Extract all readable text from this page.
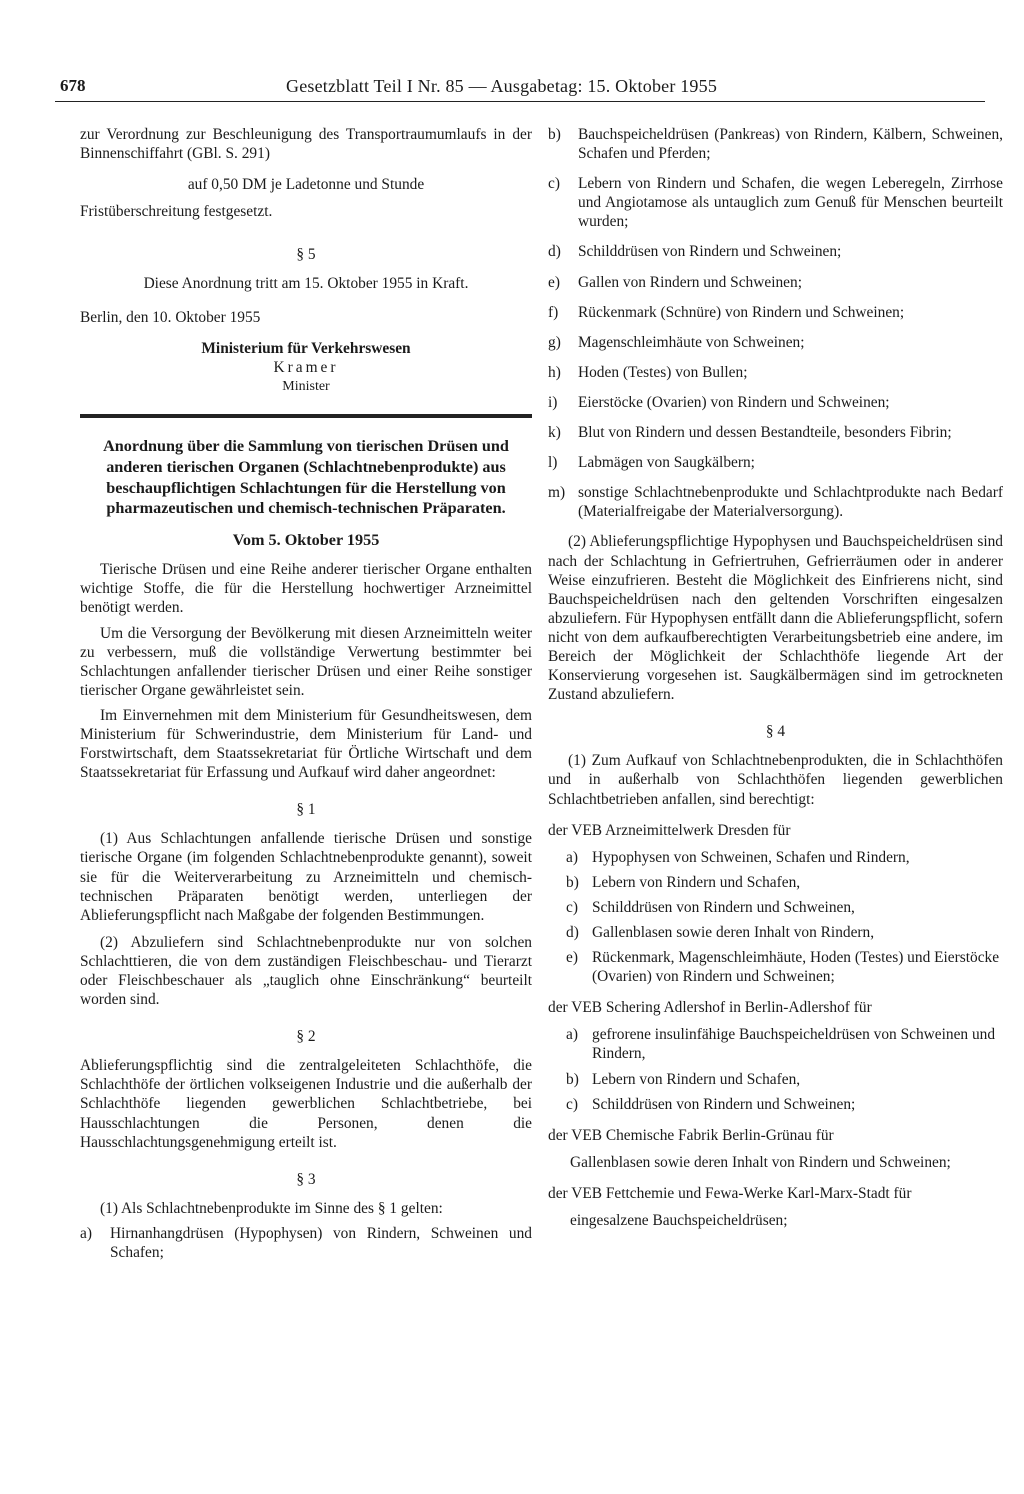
678	Gesetzblatt Teil I Nr. 85 — Ausgabetag: 15. Oktober 1955

zur Verordnung zur Beschleunigung des Transportraumumlaufs in der Binnenschiffahrt (GBl. S. 291)

auf 0,50 DM je Ladetonne und Stunde

Fristüberschreitung festgesetzt.

§ 5

Diese Anordnung tritt am 15. Oktober 1955 in Kraft.

Berlin, den 10. Oktober 1955

Ministerium für Verkehrswesen

Kramer

Minister

Anordnung über die Sammlung von tierischen Drüsen und anderen tierischen Organen (Schlachtnebenprodukte) aus beschaupflichtigen Schlachtungen für die Herstellung von pharmazeutischen und chemisch-technischen Präparaten.

Vom 5. Oktober 1955

Tierische Drüsen und eine Reihe anderer tierischer Organe enthalten wichtige Stoffe, die für die Herstellung hochwertiger Arzneimittel benötigt werden.

Um die Versorgung der Bevölkerung mit diesen Arzneimitteln weiter zu verbessern, muß die vollständige Verwertung bestimmter bei Schlachtungen anfallender tierischer Drüsen und einer Reihe sonstiger tierischer Organe gewährleistet sein.

Im Einvernehmen mit dem Ministerium für Gesundheitswesen, dem Ministerium für Schwerindustrie, dem Ministerium für Land- und Forstwirtschaft, dem Staatssekretariat für Örtliche Wirtschaft und dem Staatssekretariat für Erfassung und Aufkauf wird daher angeordnet:

§ 1

(1) Aus Schlachtungen anfallende tierische Drüsen und sonstige tierische Organe (im folgenden Schlachtnebenprodukte genannt), soweit sie für die Weiterverarbeitung zu Arzneimitteln und chemisch-technischen Präparaten benötigt werden, unterliegen der Ablieferungspflicht nach Maßgabe der folgenden Bestimmungen.

(2) Abzuliefern sind Schlachtnebenprodukte nur von solchen Schlachttieren, die von dem zuständigen Fleischbeschau- und Tierarzt oder Fleischbeschauer als „tauglich ohne Einschränkung“ beurteilt worden sind.

§ 2

Ablieferungspflichtig sind die zentralgeleiteten Schlachthöfe, die Schlachthöfe der örtlichen volkseigenen Industrie und die außerhalb der Schlachthöfe liegenden gewerblichen Schlachtbetriebe, bei Hausschlachtungen die Personen, denen die Hausschlachtungsgenehmigung erteilt ist.

§ 3

(1) Als Schlachtnebenprodukte im Sinne des § 1 gelten:

a)	Hirnanhangdrüsen (Hypophysen) von Rindern, Schweinen und Schafen;
b)	Bauchspeicheldrüsen (Pankreas) von Rindern, Kälbern, Schweinen, Schafen und Pferden;
c)	Lebern von Rindern und Schafen, die wegen Leberegeln, Zirrhose und Angiotamose als untauglich zum Genuß für Menschen beurteilt wurden;
d)	Schilddrüsen von Rindern und Schweinen;
e)	Gallen von Rindern und Schweinen;
f)	Rückenmark (Schnüre) von Rindern und Schweinen;
g)	Magenschleimhäute von Schweinen;
h)	Hoden (Testes) von Bullen;
i)	Eierstöcke (Ovarien) von Rindern und Schweinen;
k)	Blut von Rindern und dessen Bestandteile, besonders Fibrin;
l)	Labmägen von Saugkälbern;
m) sonstige Schlachtnebenprodukte und Schlachtprodukte nach Bedarf (Materialfreigabe der Materialversorgung).

(2) Ablieferungspflichtige Hypophysen und Bauchspeicheldrüsen sind nach der Schlachtung in Gefriertruhen, Gefrierräumen oder in anderer Weise einzufrieren. Besteht die Möglichkeit des Einfrierens nicht, sind Bauchspeicheldrüsen nach den geltenden Vorschriften eingesalzen abzuliefern. Für Hypophysen entfällt dann die Ablieferungspflicht, sofern nicht von dem aufkaufberechtigten Verarbeitungsbetrieb eine andere, im Bereich der Möglichkeit der Schlachthöfe liegende Art der Konservierung vorgesehen ist. Saugkälbermägen sind im getrockneten Zustand abzuliefern.

§ 4

(1) Zum Aufkauf von Schlachtnebenprodukten, die in Schlachthöfen und in außerhalb von Schlachthöfen liegenden gewerblichen Schlachtbetrieben anfallen, sind berechtigt:

der VEB Arzneimittelwerk Dresden für

a) Hypophysen von Schweinen, Schafen und Rindern,
b) Lebern von Rindern und Schafen,
c) Schilddrüsen von Rindern und Schweinen,
d) Gallenblasen sowie deren Inhalt von Rindern,
e) Rückenmark, Magenschleimhäute, Hoden (Testes) und Eierstöcke (Ovarien) von Rindern und Schweinen;

der VEB Schering Adlershof in Berlin-Adlershof für

a) gefrorene insulinfähige Bauchspeicheldrüsen von Schweinen und Rindern,
b) Lebern von Rindern und Schafen,
c) Schilddrüsen von Rindern und Schweinen;

der VEB Chemische Fabrik Berlin-Grünau für

Gallenblasen sowie deren Inhalt von Rindern und Schweinen;

der VEB Fettchemie und Fewa-Werke Karl-Marx-Stadt für

eingesalzene Bauchspeicheldrüsen;
